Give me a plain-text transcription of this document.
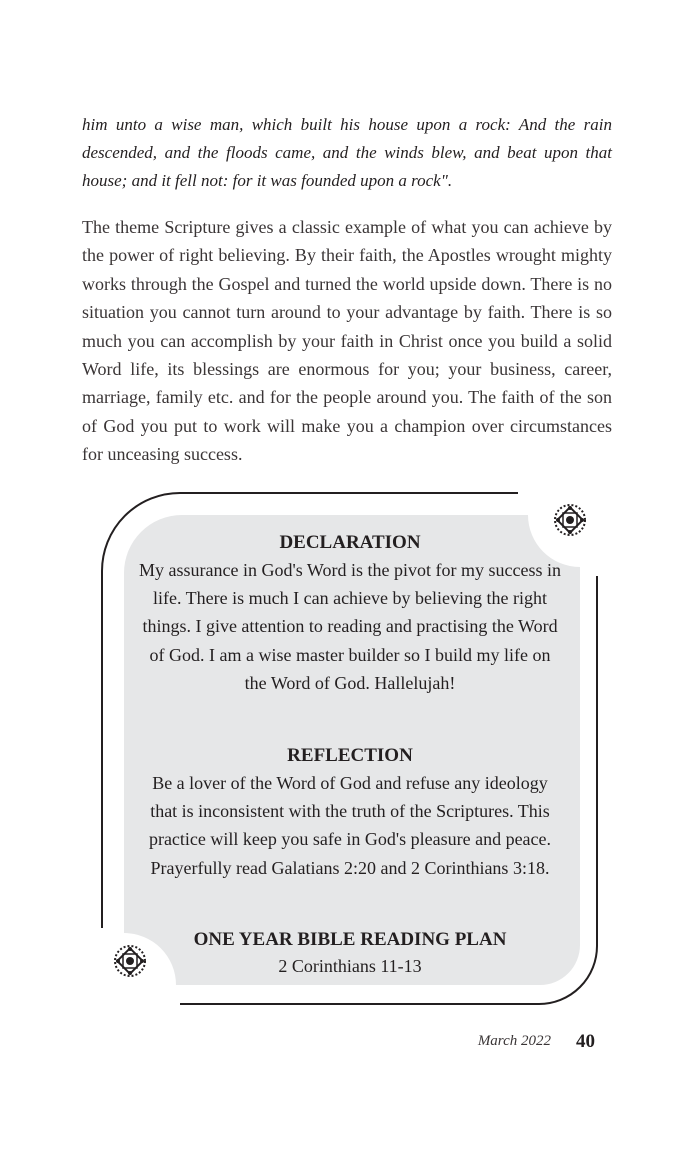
him unto a wise man, which built his house upon a rock: And the rain descended, and the floods came, and the winds blew, and beat upon that house; and it fell not: for it was founded upon a rock".
The theme Scripture gives a classic example of what you can achieve by the power of right believing. By their faith, the Apostles wrought mighty works through the Gospel and turned the world upside down. There is no situation you cannot turn around to your advantage by faith. There is so much you can accomplish by your faith in Christ once you build a solid Word life, its blessings are enormous for you; your business, career, marriage, family etc. and for the people around you. The faith of the son of God you put to work will make you a champion over circumstances for unceasing success.
DECLARATION
My assurance in God's Word is the pivot for my success in life. There is much I can achieve by believing the right things. I give attention to reading and practising the Word of God. I am a wise master builder so I build my life on the Word of God. Hallelujah!
REFLECTION
Be a lover of the Word of God and refuse any ideology that is inconsistent with the truth of the Scriptures. This practice will keep you safe in God's pleasure and peace. Prayerfully read Galatians 2:20 and 2 Corinthians 3:18.
ONE YEAR BIBLE READING PLAN
2 Corinthians 11-13
March 2022 40
